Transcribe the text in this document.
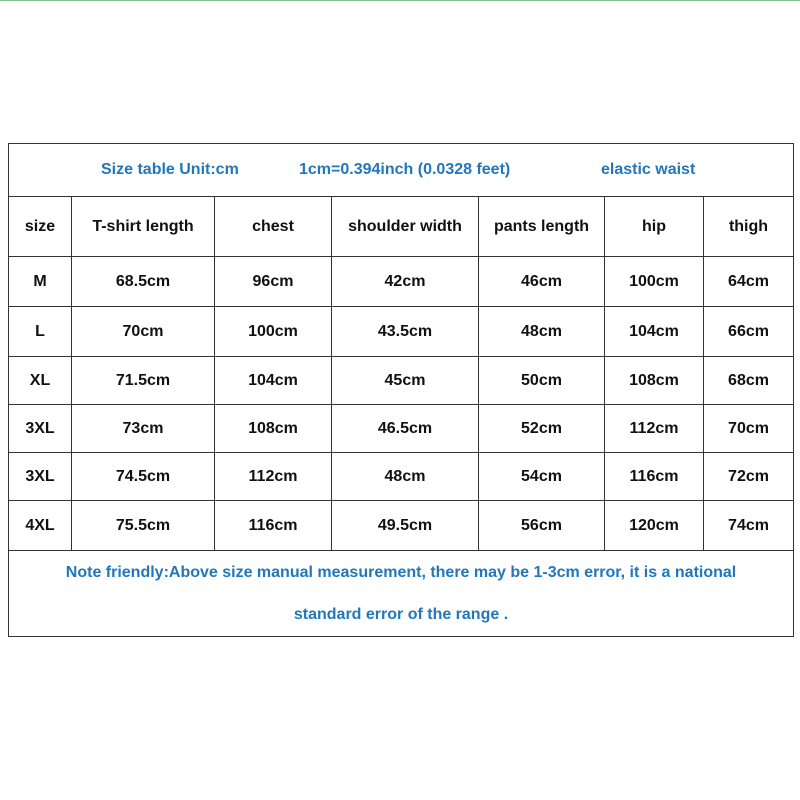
Size table Unit:cm 1cm=0.394inch (0.0328 feet) elastic waist						

size	T-shirt length	chest	shoulder width	pants length	hip	thigh
M	68.5cm	96cm	42cm	46cm	100cm	64cm
L	70cm	100cm	43.5cm	48cm	104cm	66cm
XL	71.5cm	104cm	45cm	50cm	108cm	68cm
3XL	73cm	108cm	46.5cm	52cm	112cm	70cm
3XL	74.5cm	112cm	48cm	54cm	116cm	72cm
4XL	75.5cm	116cm	49.5cm	56cm	120cm	74cm

Note friendly:Above size manual measurement, there may be 1-3cm error, it is a national
standard error of the range .						
